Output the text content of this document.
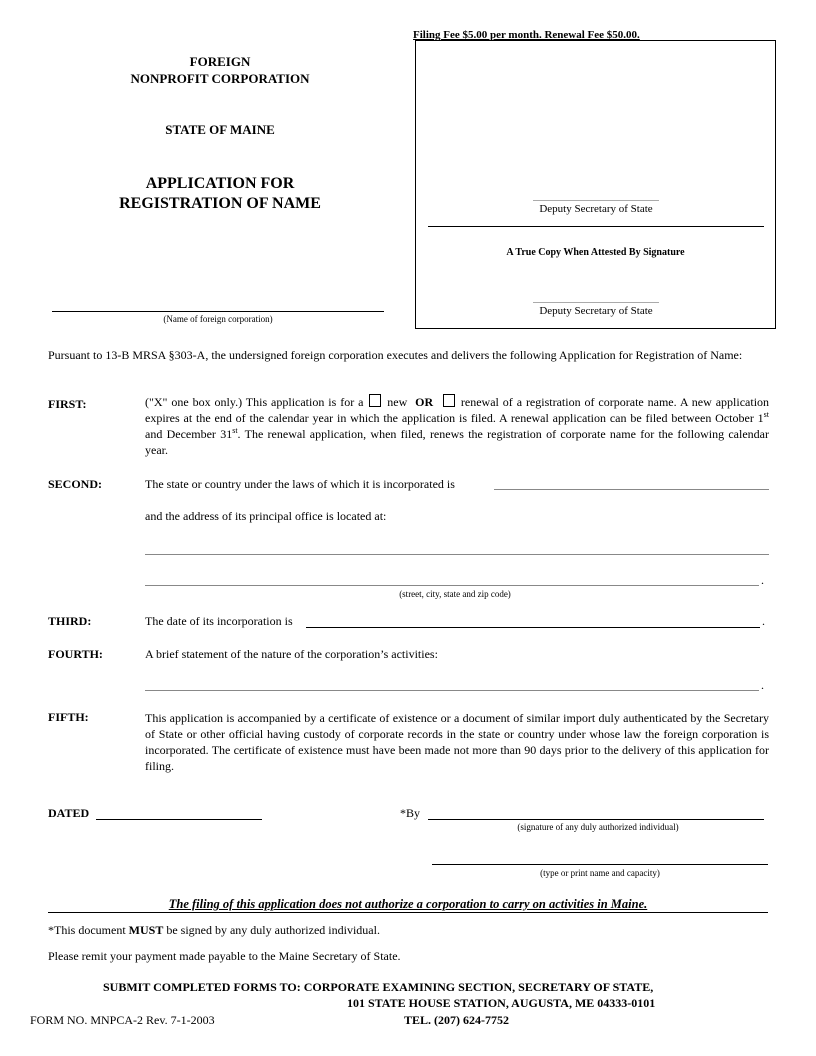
FOREIGN
NONPROFIT CORPORATION
STATE OF MAINE
APPLICATION FOR
REGISTRATION OF NAME
(Name of foreign corporation)
Filing Fee $5.00 per month. Renewal Fee $50.00.
Deputy Secretary of State
A True Copy When Attested By Signature
Deputy Secretary of State
Pursuant to 13-B MRSA §303-A, the undersigned foreign corporation executes and delivers the following Application for Registration of Name:
FIRST:	("X" one box only.) This application is for a new OR renewal of a registration of corporate name. A new application expires at the end of the calendar year in which the application is filed. A renewal application can be filed between October 1st and December 31st. The renewal application, when filed, renews the registration of corporate name for the following calendar year.
SECOND:	The state or country under the laws of which it is incorporated is
and the address of its principal office is located at:
.
(street, city, state and zip code)
THIRD:	The date of its incorporation is	.
FOURTH:	A brief statement of the nature of the corporation’s activities:
.
FIFTH:	This application is accompanied by a certificate of existence or a document of similar import duly authenticated by the Secretary of State or other official having custody of corporate records in the state or country under whose law the foreign corporation is incorporated. The certificate of existence must have been made not more than 90 days prior to the delivery of this application for filing.
DATED	*By
(signature of any duly authorized individual)
(type or print name and capacity)
The filing of this application does not authorize a corporation to carry on activities in Maine.
*This document MUST be signed by any duly authorized individual.
Please remit your payment made payable to the Maine Secretary of State.
SUBMIT COMPLETED FORMS TO: CORPORATE EXAMINING SECTION, SECRETARY OF STATE,
101 STATE HOUSE STATION, AUGUSTA, ME 04333-0101
FORM NO. MNPCA-2 Rev. 7-1-2003	TEL. (207) 624-7752
